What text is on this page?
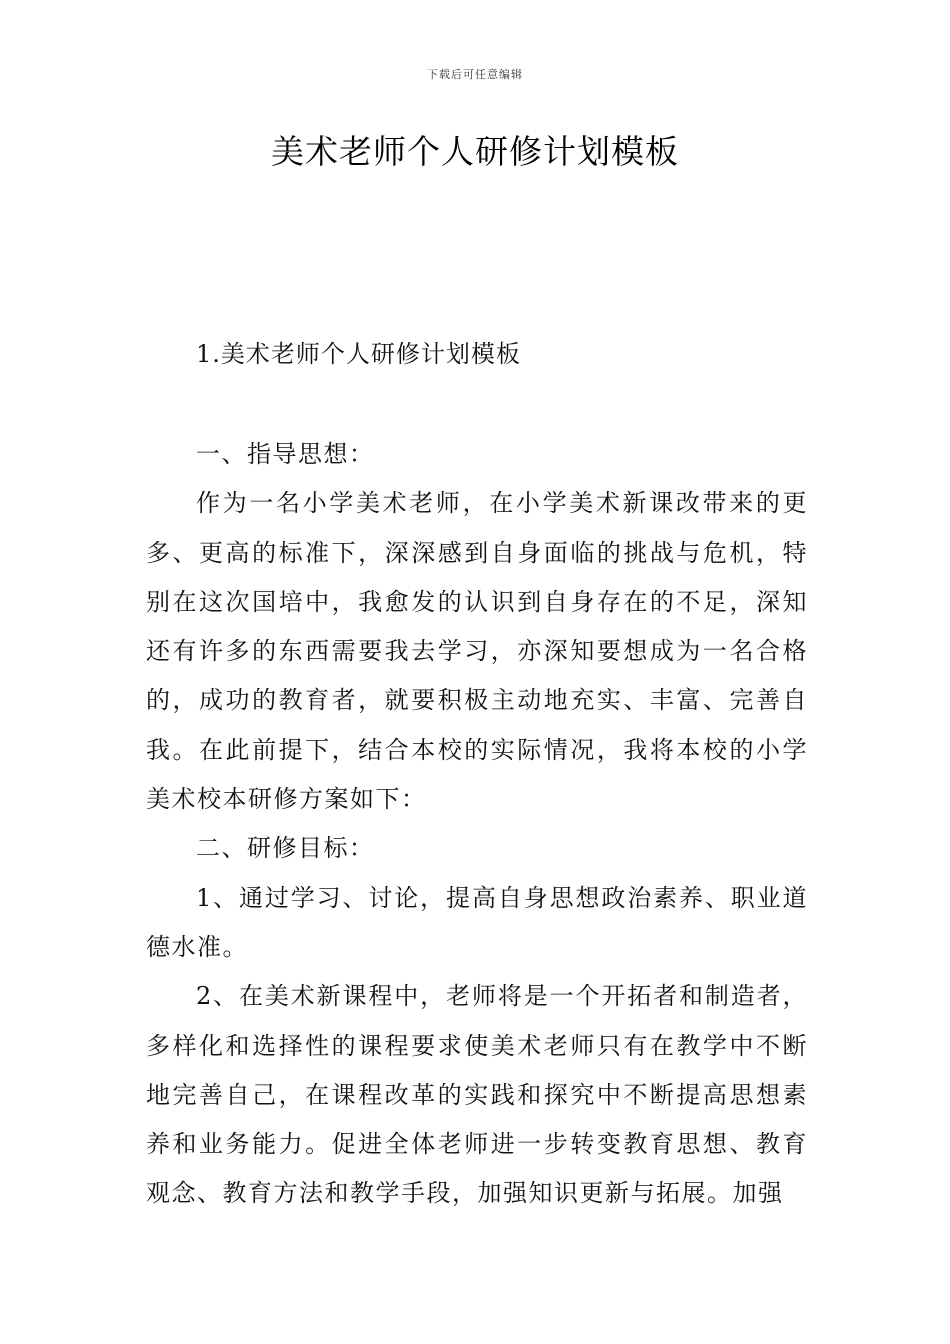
下载后可任意编辑
美术老师个人研修计划模板
1.美术老师个人研修计划模板

一、指导思想：

作为一名小学美术老师，在小学美术新课改带来的更多、更高的标准下，深深感到自身面临的挑战与危机，特别在这次国培中，我愈发的认识到自身存在的不足，深知还有许多的东西需要我去学习，亦深知要想成为一名合格的，成功的教育者，就要积极主动地充实、丰富、完善自我。在此前提下，结合本校的实际情况，我将本校的小学美术校本研修方案如下：

二、研修目标：

1、通过学习、讨论，提高自身思想政治素养、职业道德水准。

2、在美术新课程中，老师将是一个开拓者和制造者，多样化和选择性的课程要求使美术老师只有在教学中不断地完善自己，在课程改革的实践和探究中不断提高思想素养和业务能力。促进全体老师进一步转变教育思想、教育观念、教育方法和教学手段，加强知识更新与拓展。加强
